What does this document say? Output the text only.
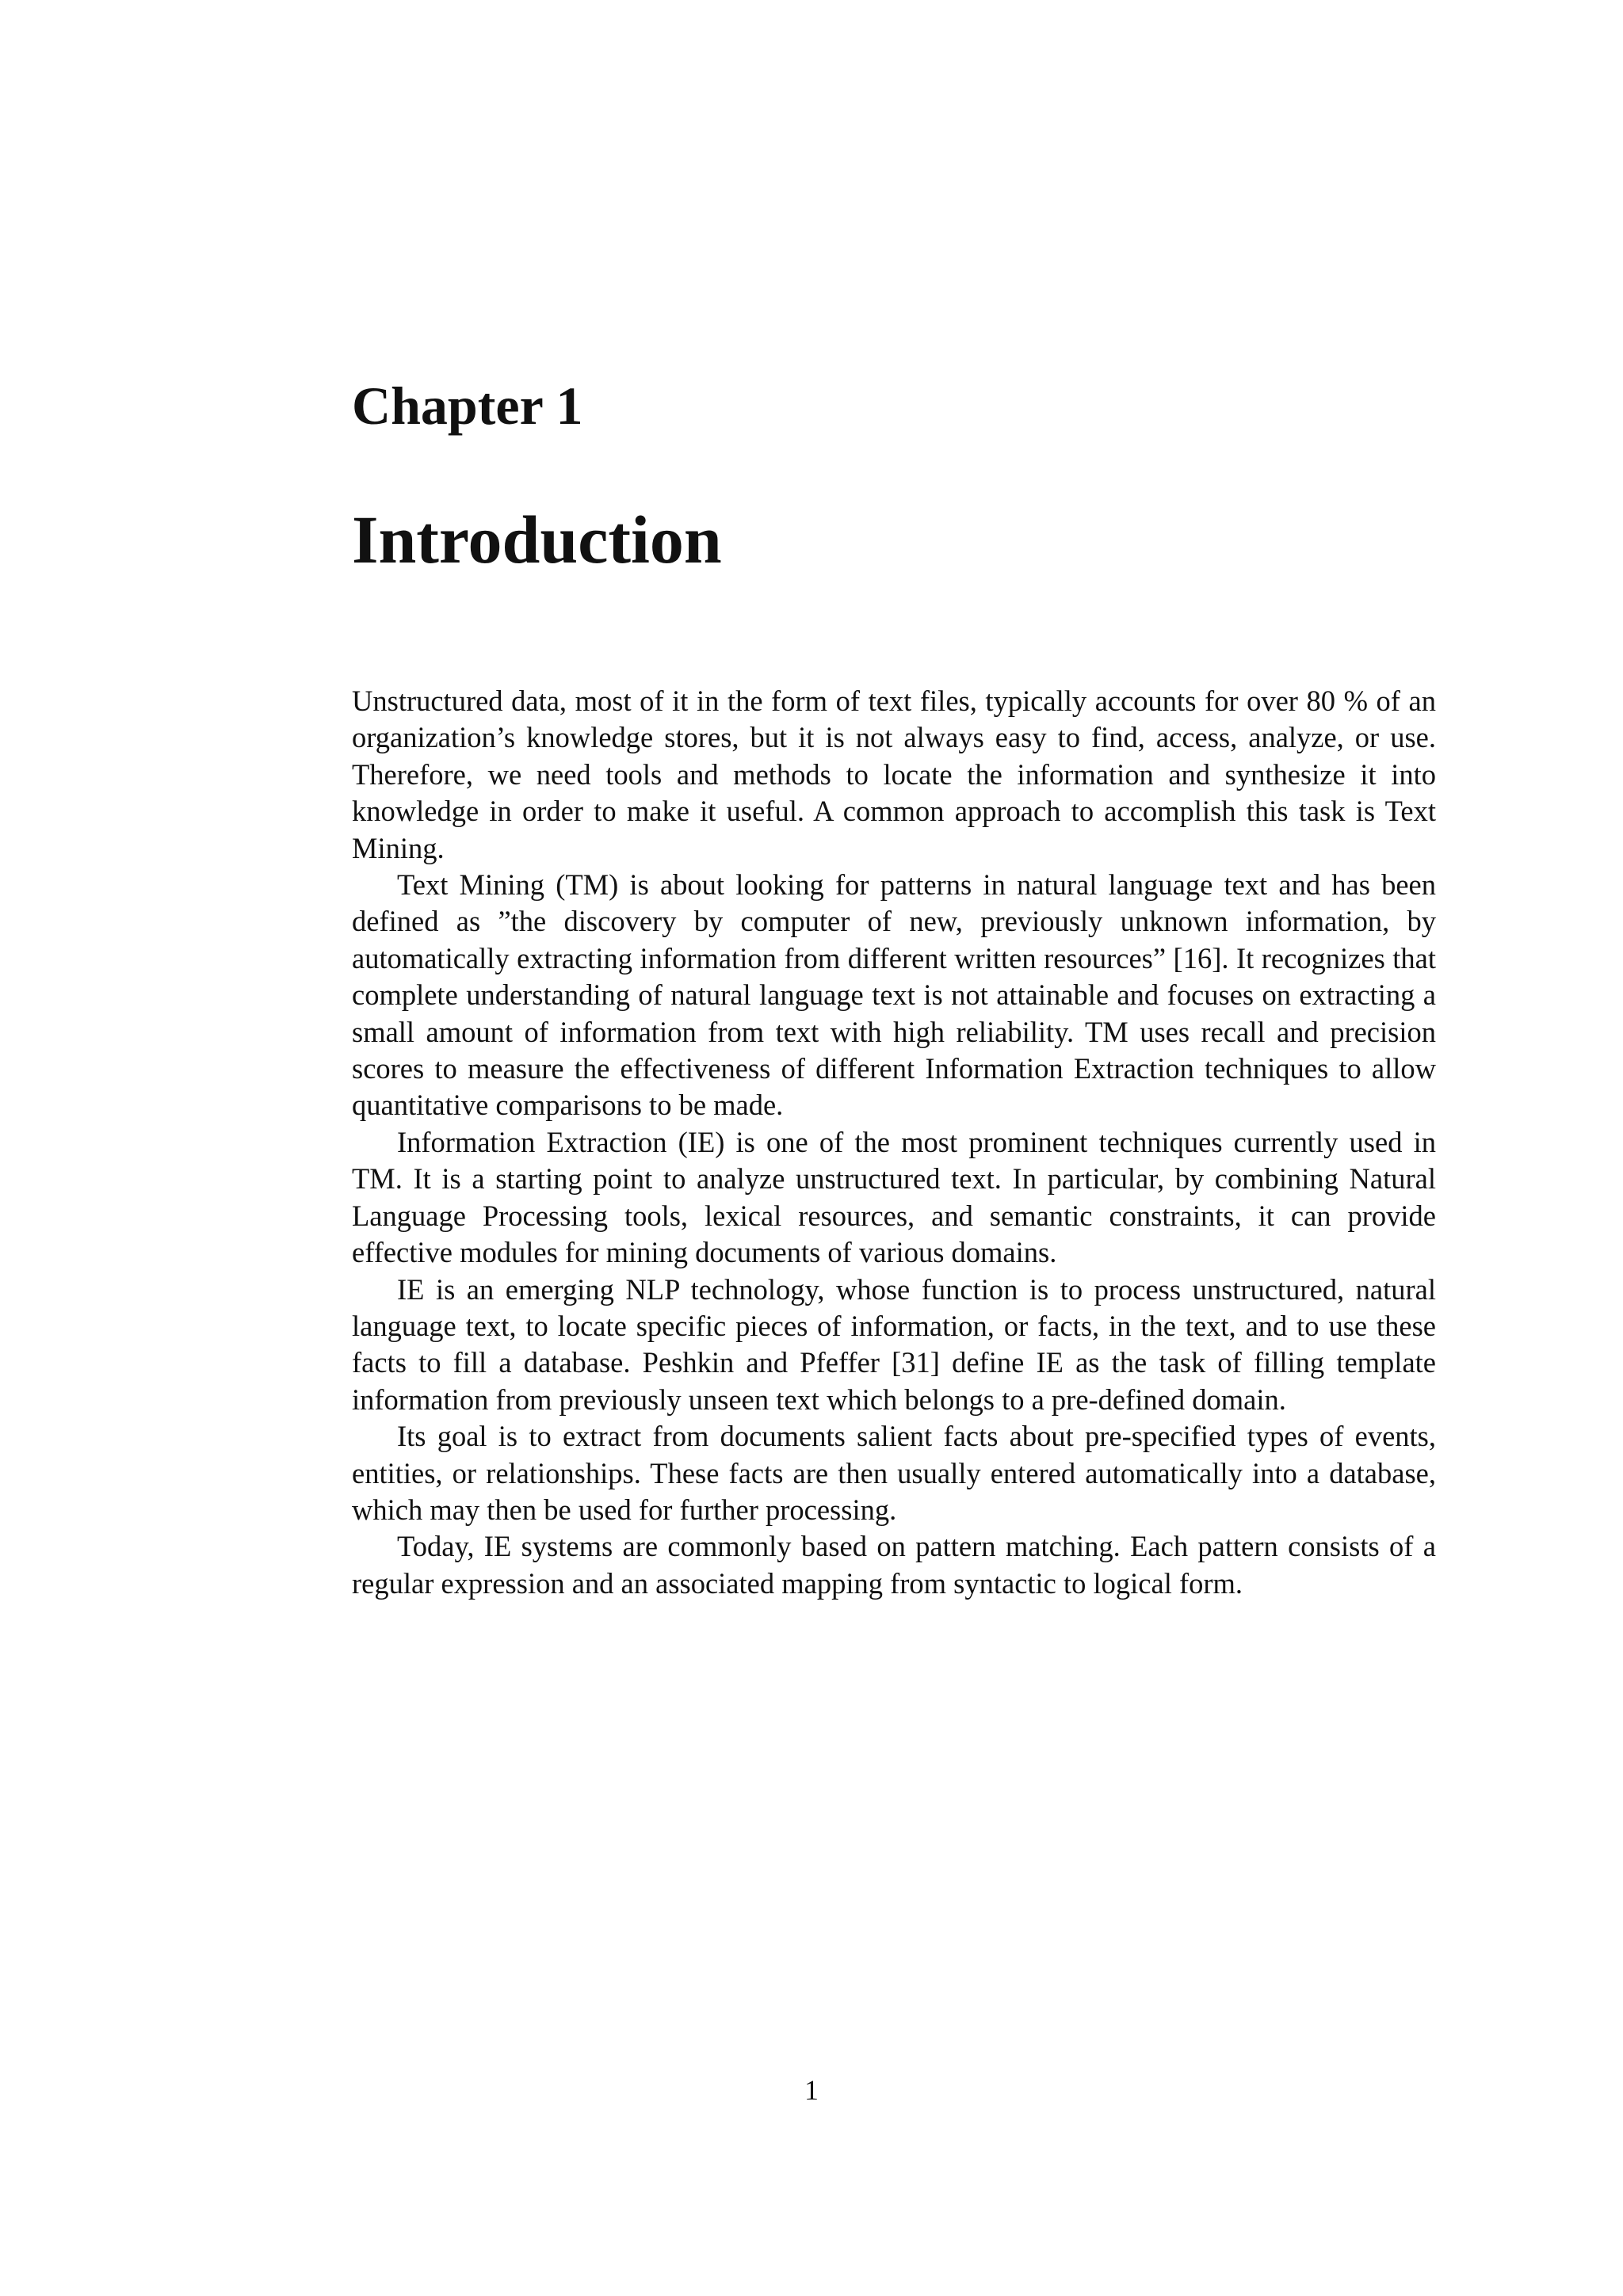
Chapter 1
Introduction

Unstructured data, most of it in the form of text files, typically accounts for over 80 % of an organization’s knowledge stores, but it is not always easy to find, access, analyze, or use. Therefore, we need tools and methods to locate the information and synthesize it into knowledge in order to make it useful. A common approach to accomplish this task is Text Mining.

Text Mining (TM) is about looking for patterns in natural language text and has been defined as ”the discovery by computer of new, previously unknown information, by automatically extracting information from different written resources” [16]. It recognizes that complete understanding of natural language text is not attainable and focuses on extracting a small amount of information from text with high reliability. TM uses recall and precision scores to measure the effectiveness of different Information Extraction techniques to allow quantitative comparisons to be made.

Information Extraction (IE) is one of the most prominent techniques currently used in TM. It is a starting point to analyze unstructured text. In particular, by combining Natural Language Processing tools, lexical resources, and semantic constraints, it can provide effective modules for mining documents of various domains.

IE is an emerging NLP technology, whose function is to process unstructured, natural language text, to locate specific pieces of information, or facts, in the text, and to use these facts to fill a database. Peshkin and Pfeffer [31] define IE as the task of filling template information from previously unseen text which belongs to a pre-defined domain.

Its goal is to extract from documents salient facts about pre-specified types of events, entities, or relationships. These facts are then usually entered automatically into a database, which may then be used for further processing.

Today, IE systems are commonly based on pattern matching. Each pattern consists of a regular expression and an associated mapping from syntactic to logical form.

1
